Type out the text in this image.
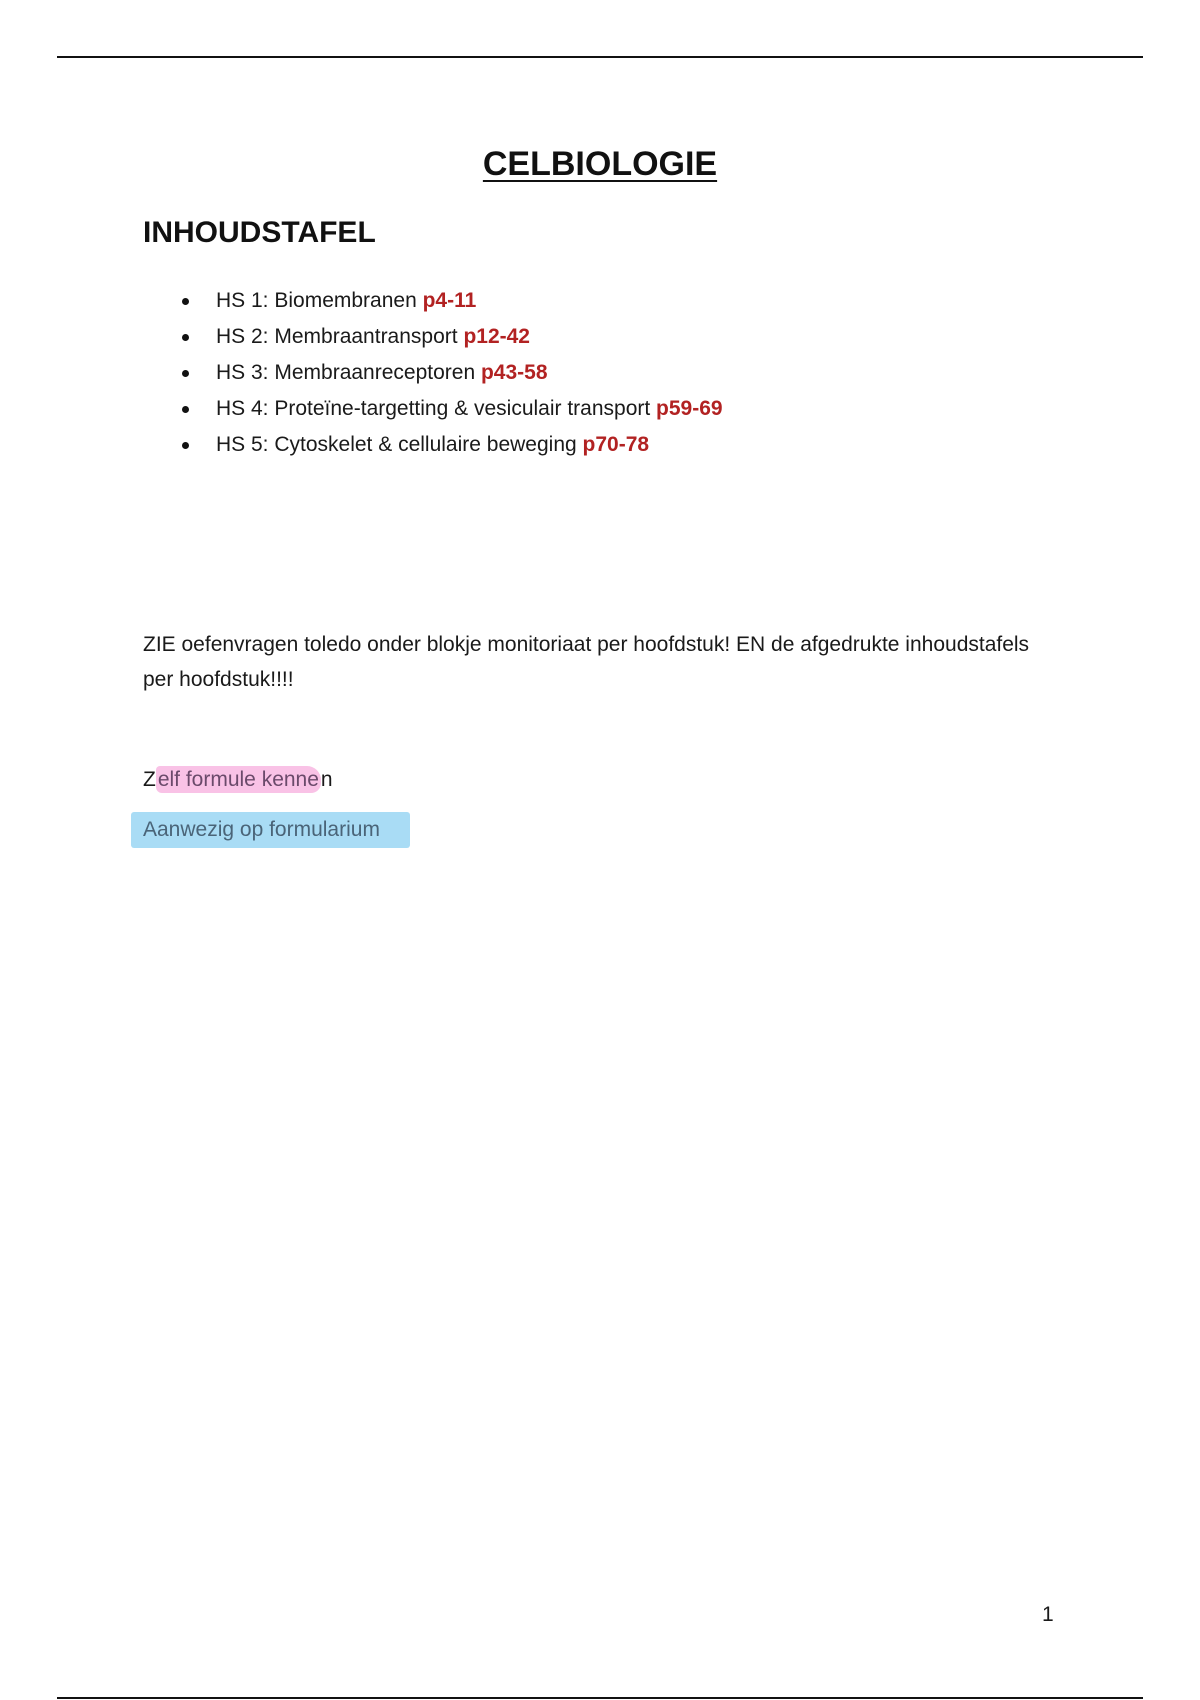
CELBIOLOGIE
INHOUDSTAFEL
HS 1: Biomembranen p4-11
HS 2: Membraantransport p12-42
HS 3: Membraanreceptoren p43-58
HS 4: Proteïne-targetting & vesiculair transport p59-69
HS 5: Cytoskelet & cellulaire beweging p70-78

ZIE oefenvragen toledo onder blokje monitoriaat per hoofdstuk! EN de afgedrukte inhoudstafels per hoofdstuk!!!!

Zelf formule kennen

Aanwezig op formularium

1
